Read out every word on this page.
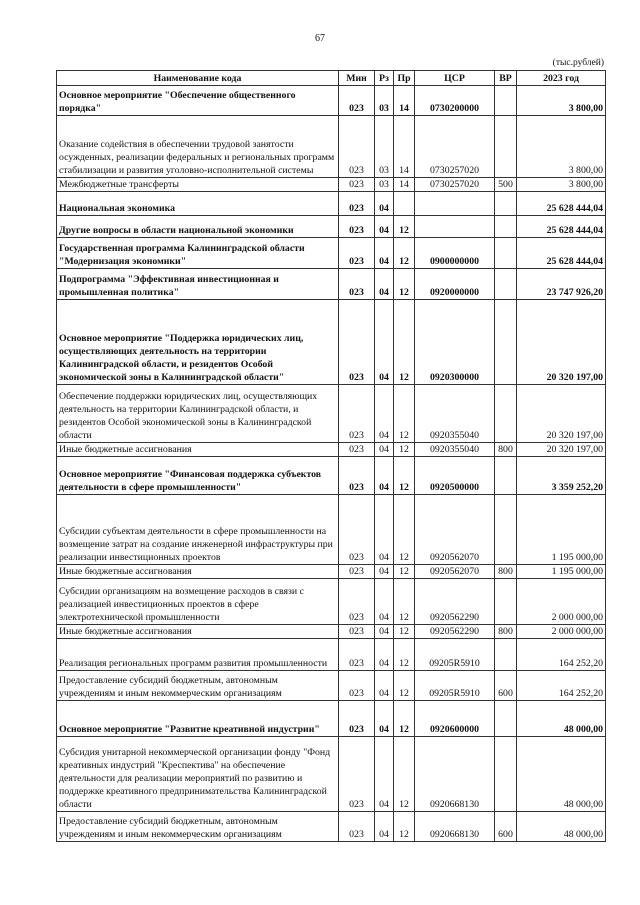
67
(тыс.рублей)
Наименование кода	Мин	Рз	Пр	ЦСР	ВР	2023 год
Основное мероприятие "Обеспечение общественного порядка"	023	03	14	0730200000		3 800,00
Оказание содействия в обеспечении трудовой занятости осужденных, реализации федеральных и региональных программ стабилизации и развития уголовно-исполнительной системы	023	03	14	0730257020		3 800,00
Межбюджетные трансферты	023	03	14	0730257020	500	3 800,00
Национальная экономика	023	04				25 628 444,04
Другие вопросы в области национальной экономики	023	04	12			25 628 444,04
Государственная программа Калининградской области "Модернизация экономики"	023	04	12	0900000000		25 628 444,04
Подпрограмма "Эффективная инвестиционная и промышленная политика"	023	04	12	0920000000		23 747 926,20
Основное мероприятие "Поддержка юридических лиц, осуществляющих деятельность на территории Калининградской области, и резидентов Особой экономической зоны в Калининградской области"	023	04	12	0920300000		20 320 197,00
Обеспечение поддержки юридических лиц, осуществляющих деятельность на территории Калининградской области, и резидентов Особой экономической зоны в Калининградской области	023	04	12	0920355040		20 320 197,00
Иные бюджетные ассигнования	023	04	12	0920355040	800	20 320 197,00
Основное мероприятие "Финансовая поддержка субъектов деятельности в сфере промышленности"	023	04	12	0920500000		3 359 252,20
Субсидии субъектам деятельности в сфере промышленности на возмещение затрат на создание инженерной инфраструктуры при реализации инвестиционных проектов	023	04	12	0920562070		1 195 000,00
Иные бюджетные ассигнования	023	04	12	0920562070	800	1 195 000,00
Субсидии организациям на возмещение расходов в связи с реализацией инвестиционных проектов в сфере электротехнической промышленности	023	04	12	0920562290		2 000 000,00
Иные бюджетные ассигнования	023	04	12	0920562290	800	2 000 000,00
Реализация региональных программ развития промышленности	023	04	12	09205R5910		164 252,20
Предоставление субсидий бюджетным, автономным учреждениям и иным некоммерческим организациям	023	04	12	09205R5910	600	164 252,20
Основное мероприятие "Развитие креативной индустрии"	023	04	12	0920600000		48 000,00
Субсидия унитарной некоммерческой организации фонду "Фонд креативных индустрий "Креспектива" на обеспечение деятельности для реализации мероприятий по развитию и поддержке креативного предпринимательства Калининградской области	023	04	12	0920668130		48 000,00
Предоставление субсидий бюджетным, автономным учреждениям и иным некоммерческим организациям	023	04	12	0920668130	600	48 000,00
